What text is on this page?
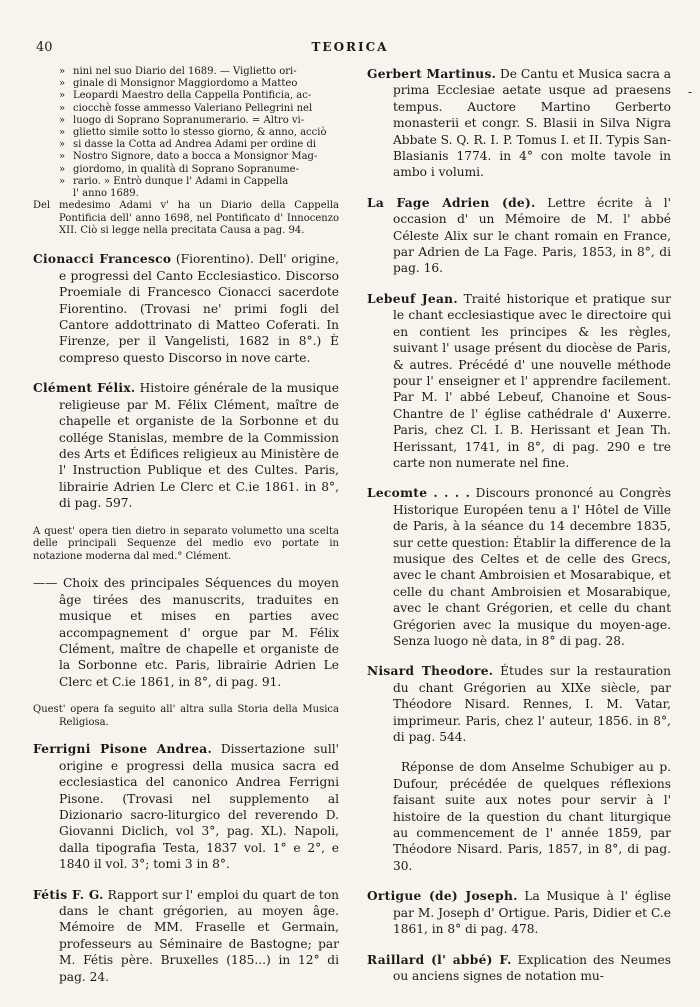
40	TEORICA
-
» nini nel suo Diario del 1689. — Viglietto ori-
» ginale di Monsignor Maggiordomo a Matteo
» Leopardi Maestro della Cappella Pontificia, ac-
» ciocchè fosse ammesso Valeriano Pellegrini nel
» luogo di Soprano Sopranumerario. = Altro vi-
» glietto simile sotto lo stesso giorno, & anno, acciò
» si dasse la Cotta ad Andrea Adami per ordine di
» Nostro Signore, dato a bocca a Monsignor Mag-
» giordomo, in qualità di Soprano Sopranume-
» rario. » Entrò dunque l' Adami in Cappella
l' anno 1689.
Del medesimo Adami v' ha un Diario della Cappella Pontificia dell' anno 1698, nel Pontificato d' Innocenzo XII. Ciò si legge nella precitata Causa a pag. 94.
Cionacci Francesco (Fiorentino). Dell' origine, e progressi del Canto Ecclesiastico. Discorso Proemiale di Francesco Cionacci sacerdote Fiorentino. (Trovasi ne' primi fogli del Cantore addottrinato di Matteo Coferati. In Firenze, per il Vangelisti, 1682 in 8°.) È compreso questo Discorso in nove carte.
Clément Félix. Histoire générale de la musique religieuse par M. Félix Clément, maître de chapelle et organiste de la Sorbonne et du collége Stanislas, membre de la Commission des Arts et Édifices religieux au Ministère de l' Instruction Publique et des Cultes. Paris, librairie Adrien Le Clerc et C.ie 1861. in 8°, di pag. 597.
A quest' opera tien dietro in separato volumetto una scelta delle principali Sequenze del medio evo portate in notazione moderna dal med.° Clément.
—— Choix des principales Séquences du moyen âge tirées des manuscrits, traduites en musique et mises en parties avec accompagnement d' orgue par M. Félix Clément, maître de chapelle et organiste de la Sorbonne etc. Paris, librairie Adrien Le Clerc et C.ie 1861, in 8°, di pag. 91.
Quest' opera fa seguito all' altra sulla Storia della Musica Religiosa.
Ferrigni Pisone Andrea. Dissertazione sull' origine e progressi della musica sacra ed ecclesiastica del canonico Andrea Ferrigni Pisone. (Trovasi nel supplemento al Dizionario sacro-liturgico del reverendo D. Giovanni Diclich, vol 3°, pag. XL). Napoli, dalla tipografia Testa, 1837 vol. 1° e 2°, e 1840 il vol. 3°; tomi 3 in 8°.
Fétis F. G. Rapport sur l' emploi du quart de ton dans le chant grégorien, au moyen âge. Mémoire de MM. Fraselle et Germain, professeurs au Séminaire de Bastogne; par M. Fétis père. Bruxelles (185...) in 12° di pag. 24.
Gerbert Martinus. De Cantu et Musica sacra a prima Ecclesiae aetate usque ad praesens tempus. Auctore Martino Gerberto monasterii et congr. S. Blasii in Silva Nigra Abbate S. Q. R. I. P. Tomus I. et II. Typis San-Blasianis 1774. in 4° con molte tavole in ambo i volumi.
La Fage Adrien (de). Lettre écrite à l' occasion d' un Mémoire de M. l' abbé Céleste Alix sur le chant romain en France, par Adrien de La Fage. Paris, 1853, in 8°, di pag. 16.
Lebeuf Jean. Traité historique et pratique sur le chant ecclesiastique avec le directoire qui en contient les principes & les règles, suivant l' usage présent du diocèse de Paris, & autres. Précédé d' une nouvelle méthode pour l' enseigner et l' apprendre facilement. Par M. l' abbé Lebeuf, Chanoine et Sous-Chantre de l' église cathédrale d' Auxerre. Paris, chez Cl. I. B. Herissant et Jean Th. Herissant, 1741, in 8°, di pag. 290 e tre carte non numerate nel fine.
Lecomte . . . . Discours prononcé au Congrès Historique Européen tenu a l' Hôtel de Ville de Paris, à la séance du 14 decembre 1835, sur cette question: Établir la difference de la musique des Celtes et de celle des Grecs, avec le chant Ambroisien et Mosarabique, et celle du chant Ambroisien et Mosarabique, avec le chant Grégorien, et celle du chant Grégorien avec la musique du moyen-age. Senza luogo nè data, in 8° di pag. 28.
Nisard Theodore. Études sur la restauration du chant Grégorien au XIXe siècle, par Théodore Nisard. Rennes, I. M. Vatar, imprimeur. Paris, chez l' auteur, 1856. in 8°, di pag. 544.
Réponse de dom Anselme Schubiger au p. Dufour, précédée de quelques réflexions faisant suite aux notes pour servir à l' histoire de la question du chant liturgique au commencement de l' année 1859, par Théodore Nisard. Paris, 1857, in 8°, di pag. 30.
Ortigue (de) Joseph. La Musique à l' église par M. Joseph d' Ortigue. Paris, Didier et C.e 1861, in 8° di pag. 478.
Raillard (l' abbé) F. Explication des Neumes ou anciens signes de notation mu-
